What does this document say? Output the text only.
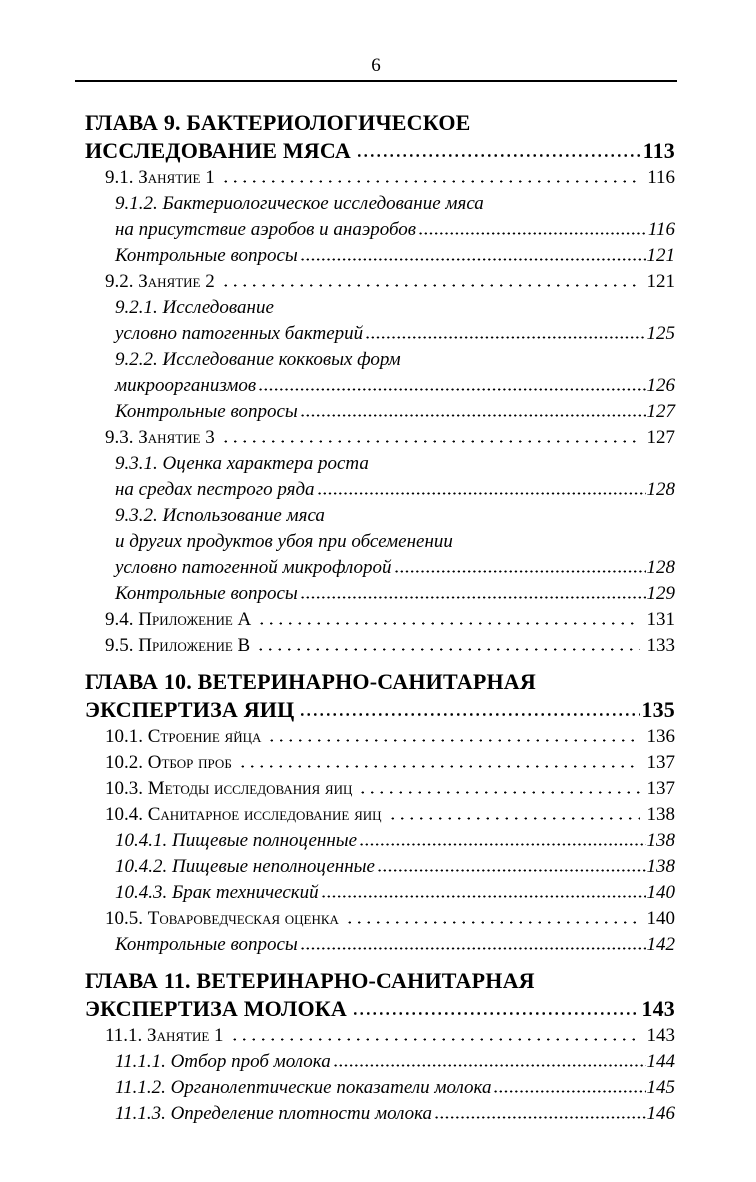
6
ГЛАВА 9. БАКТЕРИОЛОГИЧЕСКОЕ
ИССЛЕДОВАНИЕ МЯСА	113
9.1. Занятие 1	116
9.1.2. Бактериологическое исследование мяса
на присутствие аэробов и анаэробов	116
Контрольные вопросы	121
9.2. Занятие 2	121
9.2.1. Исследование
условно патогенных бактерий	125
9.2.2. Исследование кокковых форм
микроорганизмов	126
Контрольные вопросы	127
9.3. Занятие 3	127
9.3.1. Оценка характера роста
на средах пестрого ряда	128
9.3.2. Использование мяса
и других продуктов убоя при обсеменении
условно патогенной микрофлорой	128
Контрольные вопросы	129
9.4. Приложение А	131
9.5. Приложение В	133
ГЛАВА 10. ВЕТЕРИНАРНО-САНИТАРНАЯ
ЭКСПЕРТИЗА ЯИЦ	135
10.1. Строение яйца	136
10.2. Отбор проб	137
10.3. Методы исследования яиц	137
10.4. Санитарное исследование яиц	138
10.4.1. Пищевые полноценные	138
10.4.2. Пищевые неполноценные	138
10.4.3. Брак технический	140
10.5. Товароведческая оценка	140
Контрольные вопросы	142
ГЛАВА 11. ВЕТЕРИНАРНО-САНИТАРНАЯ
ЭКСПЕРТИЗА МОЛОКА	143
11.1. Занятие 1	143
11.1.1. Отбор проб молока	144
11.1.2. Органолептические показатели молока	145
11.1.3. Определение плотности молока	146
